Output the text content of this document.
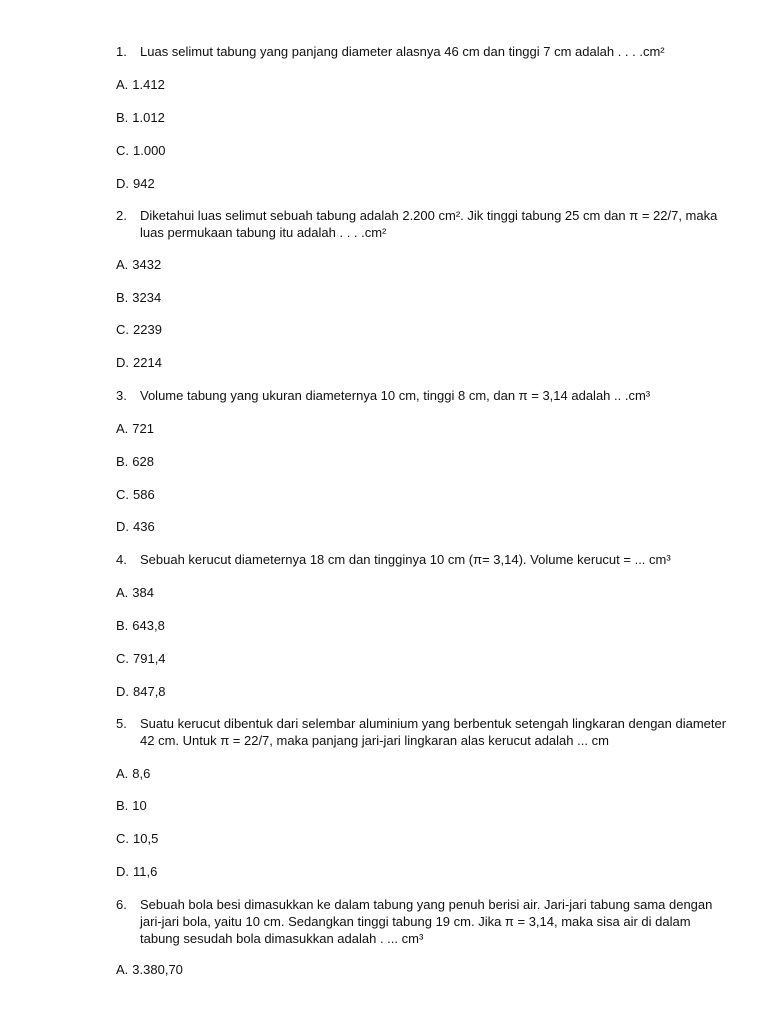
1.	Luas selimut tabung yang panjang diameter alasnya 46 cm dan tinggi 7 cm adalah . . . .cm²
A. 1.412
B. 1.012
C. 1.000
D. 942
2.	Diketahui luas selimut sebuah tabung adalah 2.200 cm². Jik tinggi tabung 25 cm dan π = 22/7, maka luas permukaan tabung itu adalah . . . .cm²
A. 3432
B. 3234
C. 2239
D. 2214
3.	Volume tabung yang ukuran diameternya 10 cm, tinggi 8 cm, dan π = 3,14 adalah .. .cm³
A. 721
B. 628
C. 586
D. 436
4.	Sebuah kerucut diameternya 18 cm dan tingginya 10 cm (π= 3,14). Volume kerucut = ... cm³
A. 384
B. 643,8
C. 791,4
D. 847,8
5.	Suatu kerucut dibentuk dari selembar aluminium yang berbentuk setengah lingkaran dengan diameter 42 cm. Untuk π = 22/7, maka panjang jari-jari lingkaran alas kerucut adalah ... cm
A. 8,6
B. 10
C. 10,5
D. 11,6
6.	Sebuah bola besi dimasukkan ke dalam tabung yang penuh berisi air. Jari-jari tabung sama dengan jari-jari bola, yaitu 10 cm. Sedangkan tinggi tabung 19 cm. Jika π = 3,14, maka sisa air di dalam tabung sesudah bola dimasukkan adalah . ... cm³
A. 3.380,70
